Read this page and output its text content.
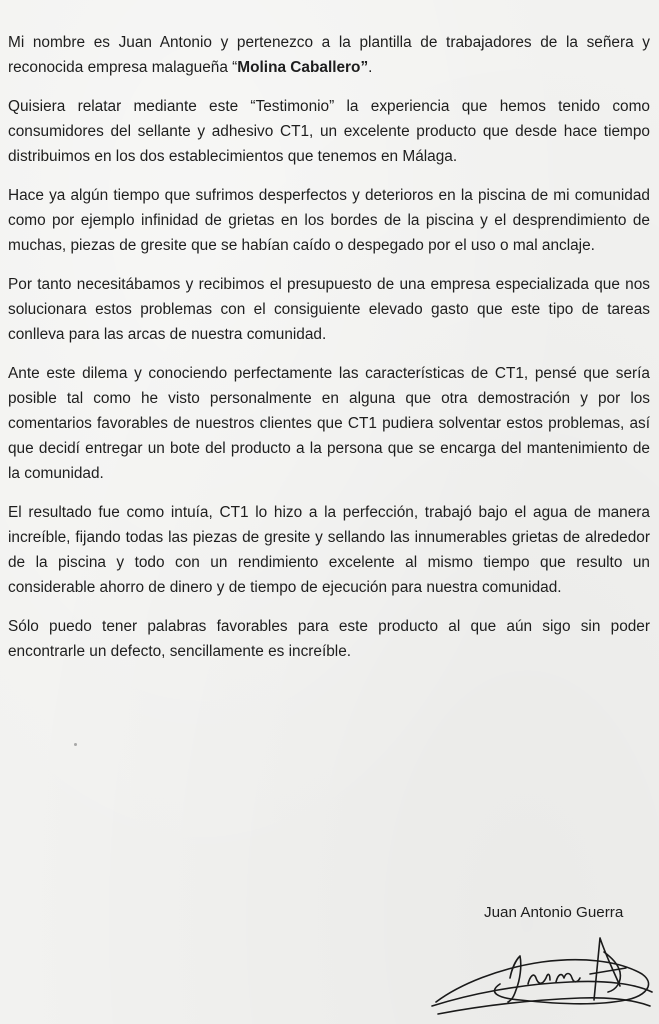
Mi nombre es Juan Antonio y pertenezco a la plantilla de trabajadores de la señera y reconocida empresa malagueña “Molina Caballero”.

Quisiera relatar mediante este “Testimonio” la experiencia que hemos tenido como consumidores del sellante y adhesivo CT1, un excelente producto que desde hace tiempo distribuimos en los dos establecimientos que tenemos en Málaga.

Hace ya algún tiempo que sufrimos desperfectos y deterioros en la piscina de mi comunidad como por ejemplo infinidad de grietas en los bordes de la piscina y el desprendimiento de muchas, piezas de gresite que se habían caído o despegado por el uso o mal anclaje.

Por tanto necesitábamos y recibimos el presupuesto de una empresa especializada que nos solucionara estos problemas con el consiguiente elevado gasto que este tipo de tareas conlleva para las arcas de nuestra comunidad.

Ante este dilema y conociendo perfectamente las características de CT1, pensé que sería posible tal como he visto personalmente en alguna que otra demostración y por los comentarios favorables de nuestros clientes que CT1 pudiera solventar estos problemas, así que decidí entregar un bote del producto a la persona que se encarga del mantenimiento de la comunidad.

El resultado fue como intuía, CT1 lo hizo a la perfección, trabajó bajo el agua de manera increíble, fijando todas las piezas de gresite y sellando las innumerables grietas de alrededor de la piscina y todo con un rendimiento excelente al mismo tiempo que resulto un considerable ahorro de dinero y de tiempo de ejecución para nuestra comunidad.

Sólo puedo tener palabras favorables para este producto al que aún sigo sin poder encontrarle un defecto, sencillamente es increíble.

Juan Antonio Guerra
